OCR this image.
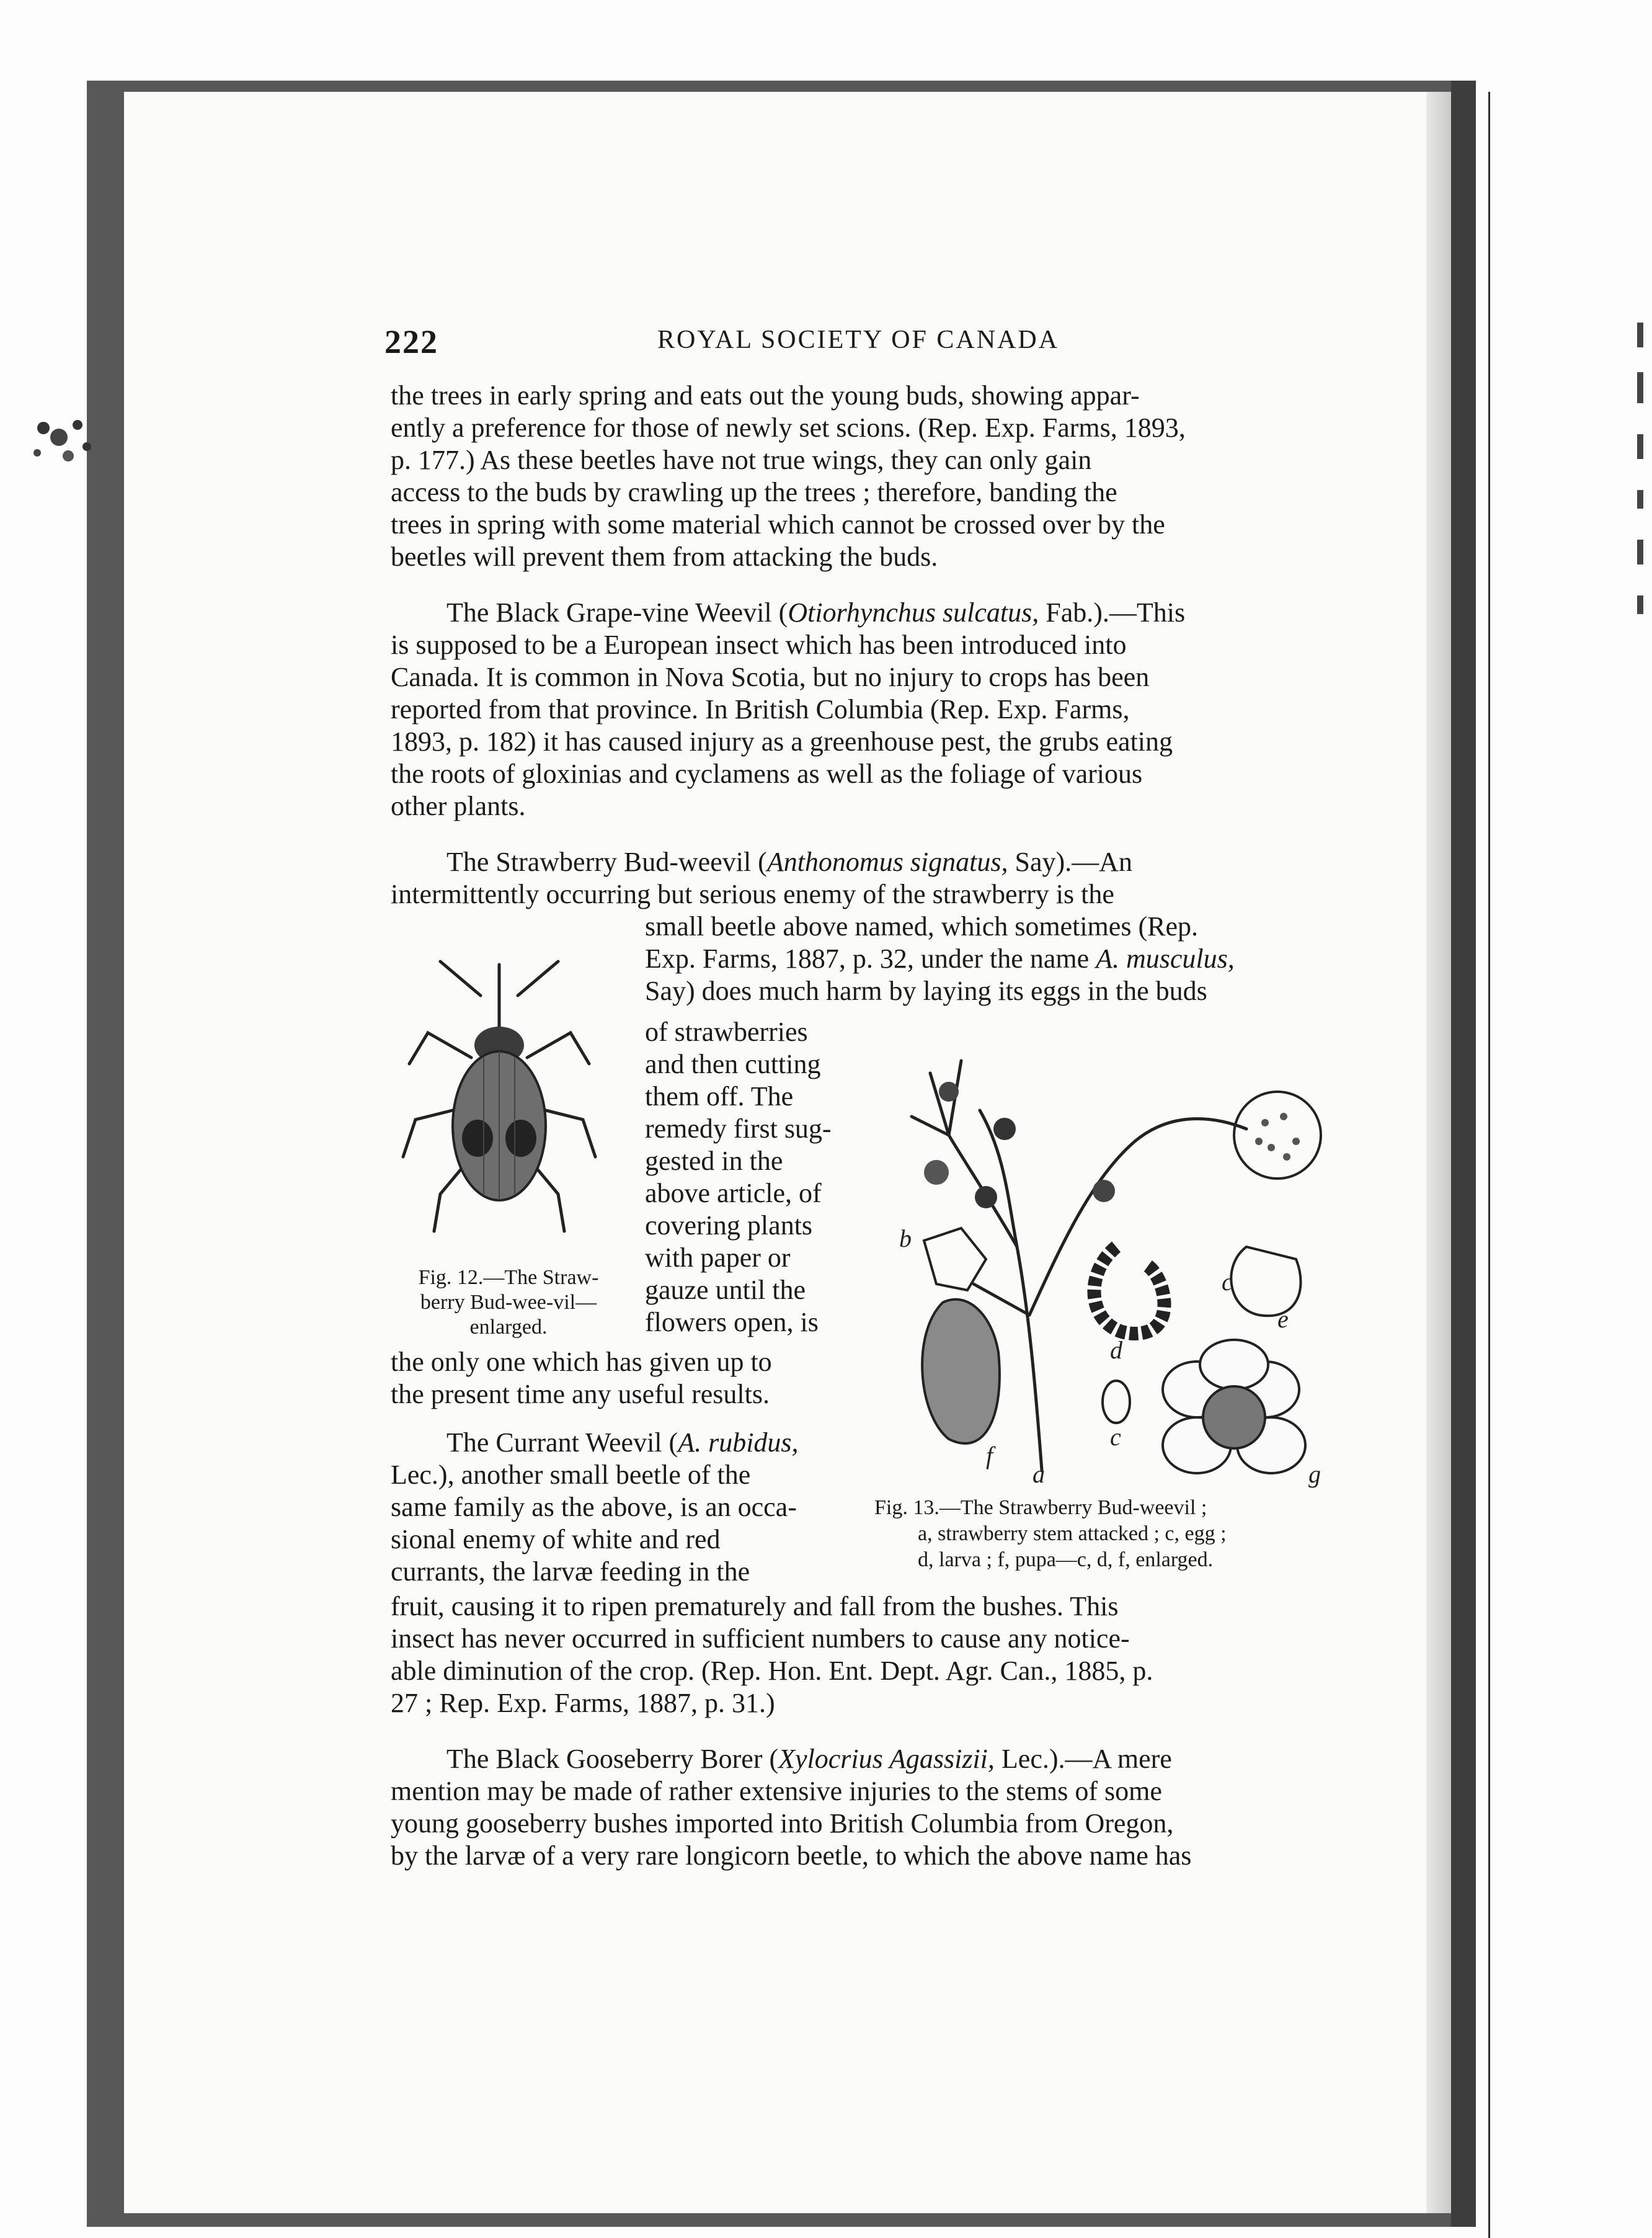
222	ROYAL SOCIETY OF CANADA
the trees in early spring and eats out the young buds, showing appar-
ently a preference for those of newly set scions. (Rep. Exp. Farms, 1893,
p. 177.) As these beetles have not true wings, they can only gain
access to the buds by crawling up the trees ; therefore, banding the
trees in spring with some material which cannot be crossed over by the
beetles will prevent them from attacking the buds.
The Black Grape-vine Weevil (Otiorhynchus sulcatus, Fab.).—This
is supposed to be a European insect which has been introduced into
Canada. It is common in Nova Scotia, but no injury to crops has been
reported from that province. In British Columbia (Rep. Exp. Farms,
1893, p. 182) it has caused injury as a greenhouse pest, the grubs eating
the roots of gloxinias and cyclamens as well as the foliage of various
other plants.
The Strawberry Bud-weevil (Anthonomus signatus, Say).—An
intermittently occurring but serious enemy of the strawberry is the
small beetle above named, which sometimes (Rep.
Exp. Farms, 1887, p. 32, under the name A. musculus,
Say) does much harm by laying its eggs in the buds
of strawberries
and then cutting
them off. The
remedy first sug-
gested in the
above article, of
covering plants
with paper or
gauze until the
flowers open, is
the only one which has given up to
the present time any useful results.
The Currant Weevil (A. rubidus,
Lec.), another small beetle of the
same family as the above, is an occa-
sional enemy of white and red
currants, the larvæ feeding in the
fruit, causing it to ripen prematurely and fall from the bushes. This
insect has never occurred in sufficient numbers to cause any notice-
able diminution of the crop. (Rep. Hon. Ent. Dept. Agr. Can., 1885, p.
27 ; Rep. Exp. Farms, 1887, p. 31.)
The Black Gooseberry Borer (Xylocrius Agassizii, Lec.).—A mere
mention may be made of rather extensive injuries to the stems of some
young gooseberry bushes imported into British Columbia from Oregon,
by the larvæ of a very rare longicorn beetle, to which the above name has
Fig. 12.—The Straw-berry Bud-wee-vil—enlarged.
b
c
e
d
c
f
a	g
Fig. 13.—The Strawberry Bud-weevil ;
a, strawberry stem attacked ; c, egg ;
d, larva ; f, pupa—c, d, f, enlarged.
